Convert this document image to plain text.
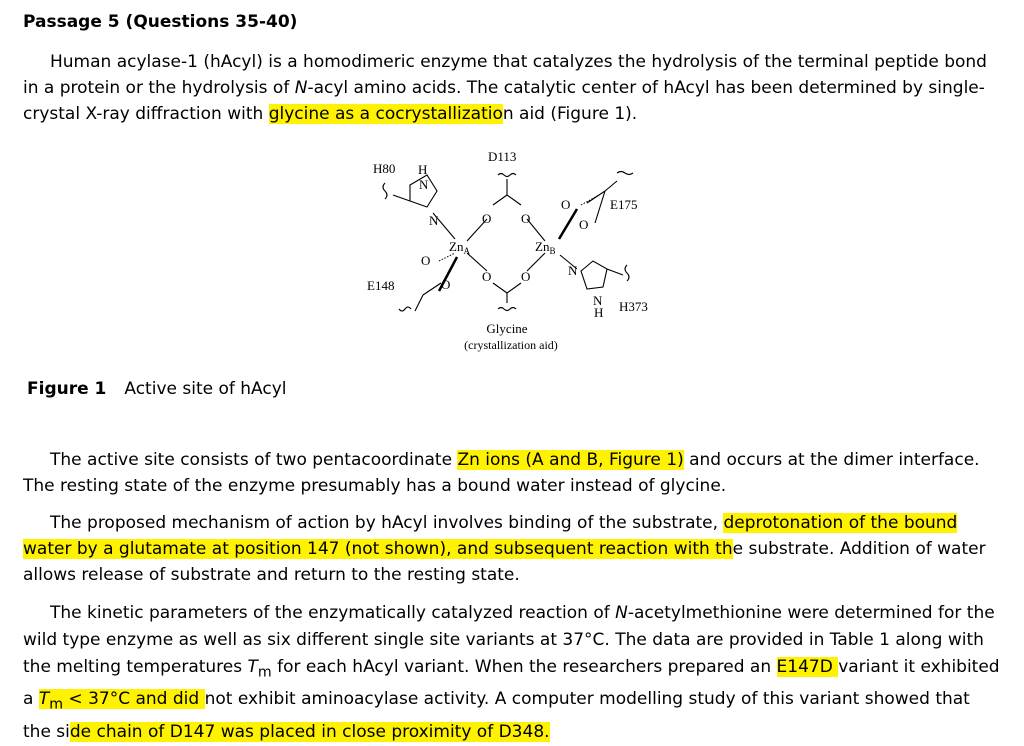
Passage 5 (Questions 35-40)

Human acylase-1 (hAcyl) is a homodimeric enzyme that catalyzes the hydrolysis of the terminal peptide bond in a protein or the hydrolysis of N-acyl amino acids. The catalytic center of hAcyl has been determined by single-crystal X-ray diffraction with glycine as a cocrystallization aid (Figure 1).

D113
H80 H
N
N
E175
E148
H373
O O
O O
O
O
O
O
$Zn_A$	$Zn_B$
N
N
H
Glycine
(crystallization aid)
Figure 1 Active site of hAcyl

The active site consists of two pentacoordinate Zn ions (A and B, Figure 1) and occurs at the dimer interface. The resting state of the enzyme presumably has a bound water instead of glycine.

The proposed mechanism of action by hAcyl involves binding of the substrate, deprotonation of the bound water by a glutamate at position 147 (not shown), and subsequent reaction with the substrate. Addition of water allows release of substrate and return to the resting state.

The kinetic parameters of the enzymatically catalyzed reaction of N-acetylmethionine were determined for the wild type enzyme as well as six different single site variants at 37°C. The data are provided in Table 1 along with the melting temperatures $T_m$ for each hAcyl variant. When the researchers prepared an E147D variant it exhibited a $T_m < 37^\circ C$ and did not exhibit aminoacylase activity. A computer modelling study of this variant showed that the side chain of D147 was placed in close proximity of D348.
